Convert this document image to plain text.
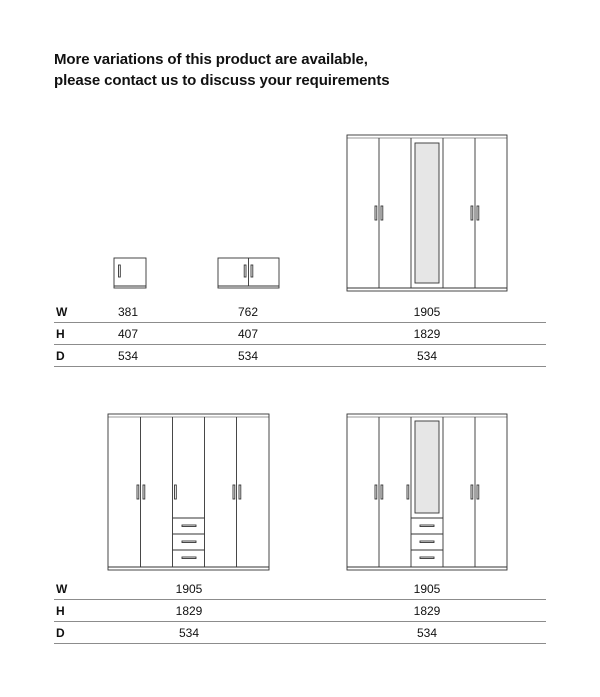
More variations of this product are available,
please contact us to discuss your requirements
W	381	762	1905
H	407	407	1829
D	534	534	534
W	1905	1905
H	1829	1829
D	534	534
